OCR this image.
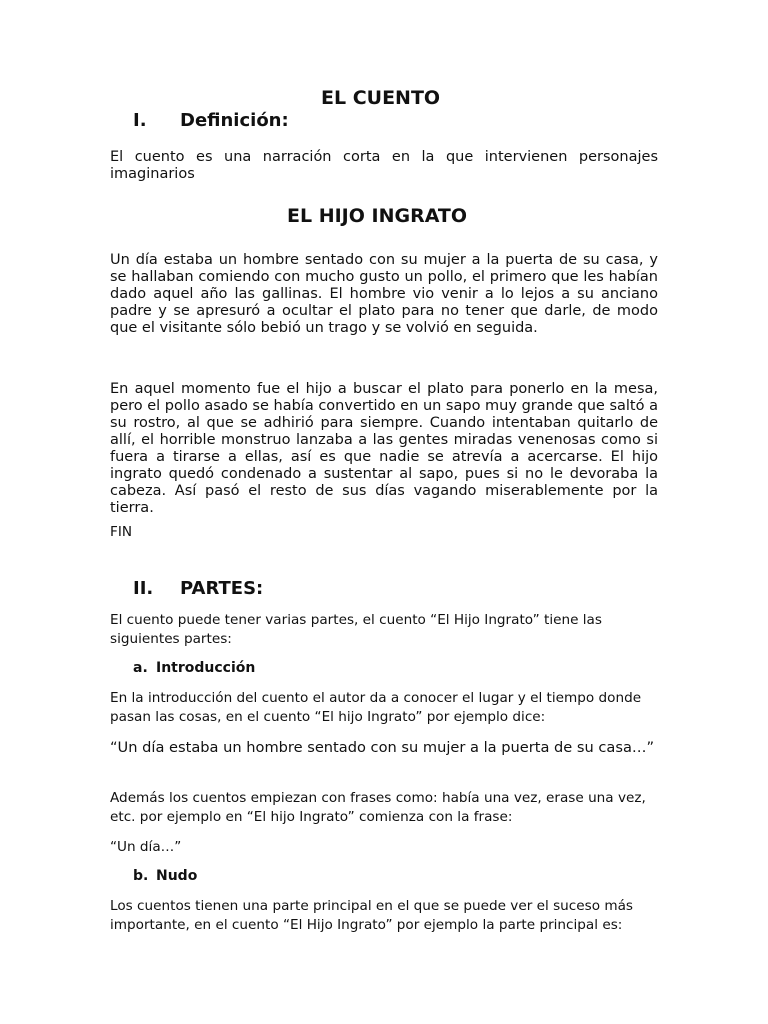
EL CUENTO
I. Definición:

El cuento es una narración corta en la que intervienen personajes imaginarios

EL HIJO INGRATO

Un día estaba un hombre sentado con su mujer a la puerta de su casa, y se hallaban comiendo con mucho gusto un pollo, el primero que les habían dado aquel año las gallinas. El hombre vio venir a lo lejos a su anciano padre y se apresuró a ocultar el plato para no tener que darle, de modo que el visitante sólo bebió un trago y se volvió en seguida.

En aquel momento fue el hijo a buscar el plato para ponerlo en la mesa, pero el pollo asado se había convertido en un sapo muy grande que saltó a su rostro, al que se adhirió para siempre. Cuando intentaban quitarlo de allí, el horrible monstruo lanzaba a las gentes miradas venenosas como si fuera a tirarse a ellas, así es que nadie se atrevía a acercarse. El hijo ingrato quedó condenado a sustentar al sapo, pues si no le devoraba la cabeza. Así pasó el resto de sus días vagando miserablemente por la tierra.

FIN

II. PARTES:

El cuento puede tener varias partes, el cuento “El Hijo Ingrato” tiene las siguientes partes:

a. Introducción

En la introducción del cuento el autor da a conocer el lugar y el tiempo donde pasan las cosas, en el cuento “El hijo Ingrato” por ejemplo dice:

“Un día estaba un hombre sentado con su mujer a la puerta de su casa…”

Además los cuentos empiezan con frases como: había una vez, erase una vez, etc. por ejemplo en “El hijo Ingrato” comienza con la frase:

“Un día…”

b. Nudo

Los cuentos tienen una parte principal en el que se puede ver el suceso más importante, en el cuento “El Hijo Ingrato” por ejemplo la parte principal es:
